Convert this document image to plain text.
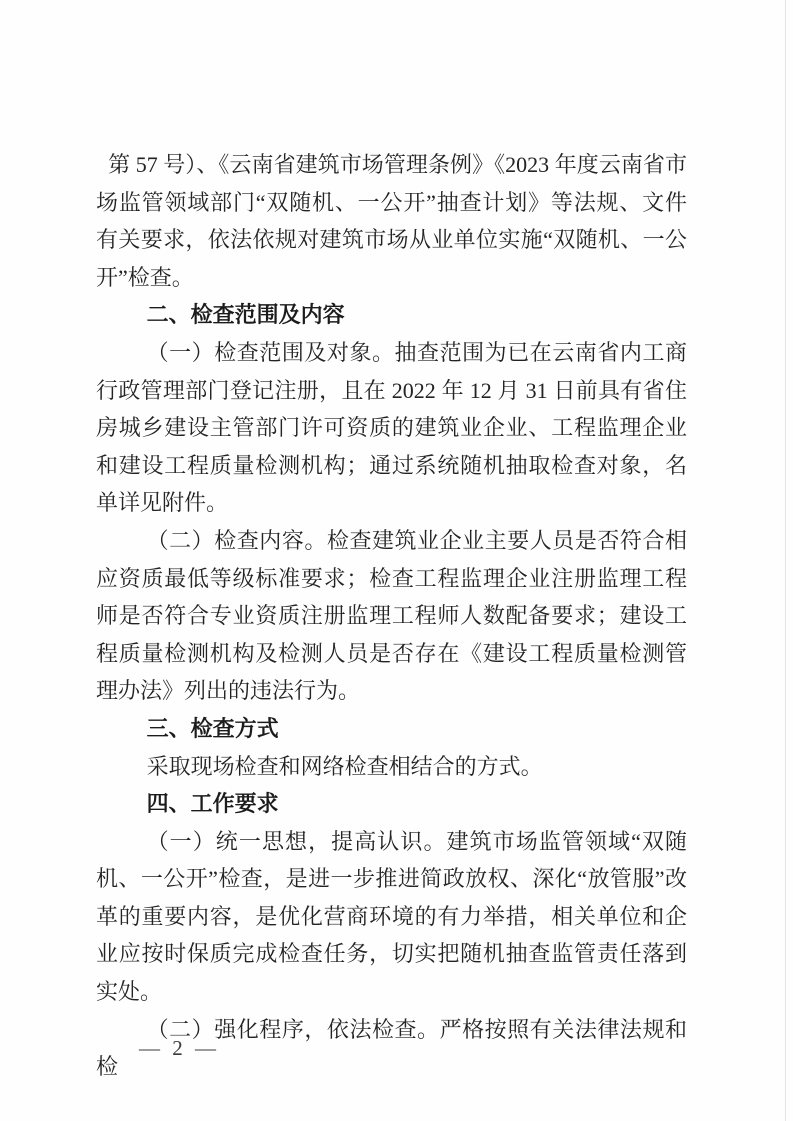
第 57 号）、《云南省建筑市场管理条例》《2023 年度云南省市场监管领域部门“双随机、一公开”抽查计划》等法规、文件有关要求，依法依规对建筑市场从业单位实施“双随机、一公开”检查。

二、检查范围及内容

（一）检查范围及对象。抽查范围为已在云南省内工商行政管理部门登记注册，且在 2022 年 12 月 31 日前具有省住房城乡建设主管部门许可资质的建筑业企业、工程监理企业和建设工程质量检测机构；通过系统随机抽取检查对象，名单详见附件。

（二）检查内容。检查建筑业企业主要人员是否符合相应资质最低等级标准要求；检查工程监理企业注册监理工程师是否符合专业资质注册监理工程师人数配备要求；建设工程质量检测机构及检测人员是否存在《建设工程质量检测管理办法》列出的违法行为。

三、检查方式

采取现场检查和网络检查相结合的方式。

四、工作要求

（一）统一思想，提高认识。建筑市场监管领域“双随机、一公开”检查，是进一步推进简政放权、深化“放管服”改革的重要内容，是优化营商环境的有力举措，相关单位和企业应按时保质完成检查任务，切实把随机抽查监管责任落到实处。

（二）强化程序，依法检查。严格按照有关法律法规和检

— 2 —
